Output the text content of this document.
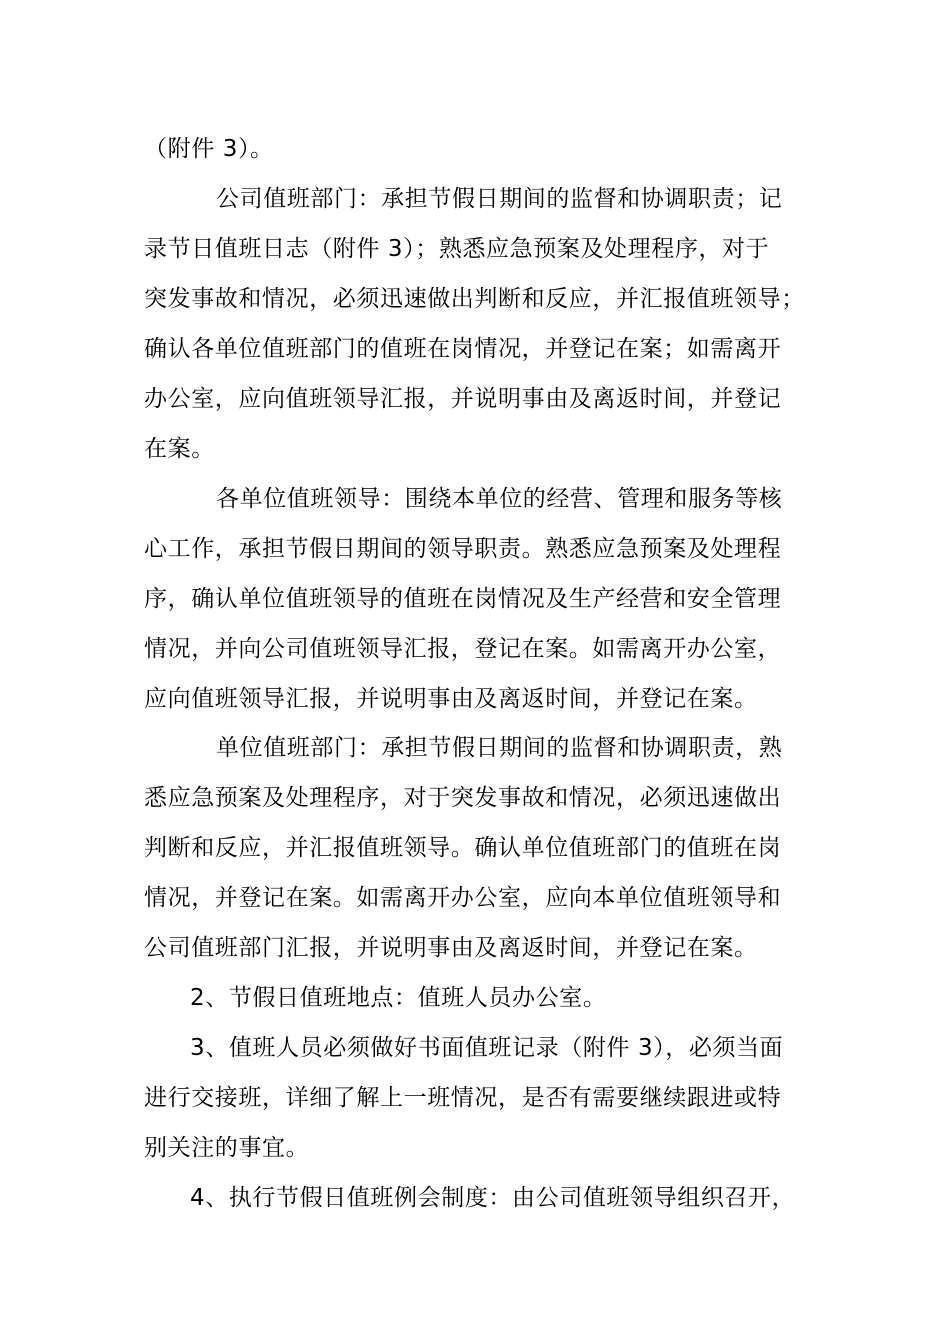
（附件 3）。
公司值班部门：承担节假日期间的监督和协调职责；记
录节日值班日志（附件 3）；熟悉应急预案及处理程序，对于
突发事故和情况，必须迅速做出判断和反应，并汇报值班领导；
确认各单位值班部门的值班在岗情况，并登记在案；如需离开
办公室，应向值班领导汇报，并说明事由及离返时间，并登记
在案。
各单位值班领导：围绕本单位的经营、管理和服务等核
心工作，承担节假日期间的领导职责。熟悉应急预案及处理程
序，确认单位值班领导的值班在岗情况及生产经营和安全管理
情况，并向公司值班领导汇报，登记在案。如需离开办公室，
应向值班领导汇报，并说明事由及离返时间，并登记在案。
单位值班部门：承担节假日期间的监督和协调职责，熟
悉应急预案及处理程序，对于突发事故和情况，必须迅速做出
判断和反应，并汇报值班领导。确认单位值班部门的值班在岗
情况，并登记在案。如需离开办公室，应向本单位值班领导和
公司值班部门汇报，并说明事由及离返时间，并登记在案。
2、节假日值班地点：值班人员办公室。
3、值班人员必须做好书面值班记录（附件 3），必须当面
进行交接班，详细了解上一班情况，是否有需要继续跟进或特
别关注的事宜。
4、执行节假日值班例会制度：由公司值班领导组织召开，
